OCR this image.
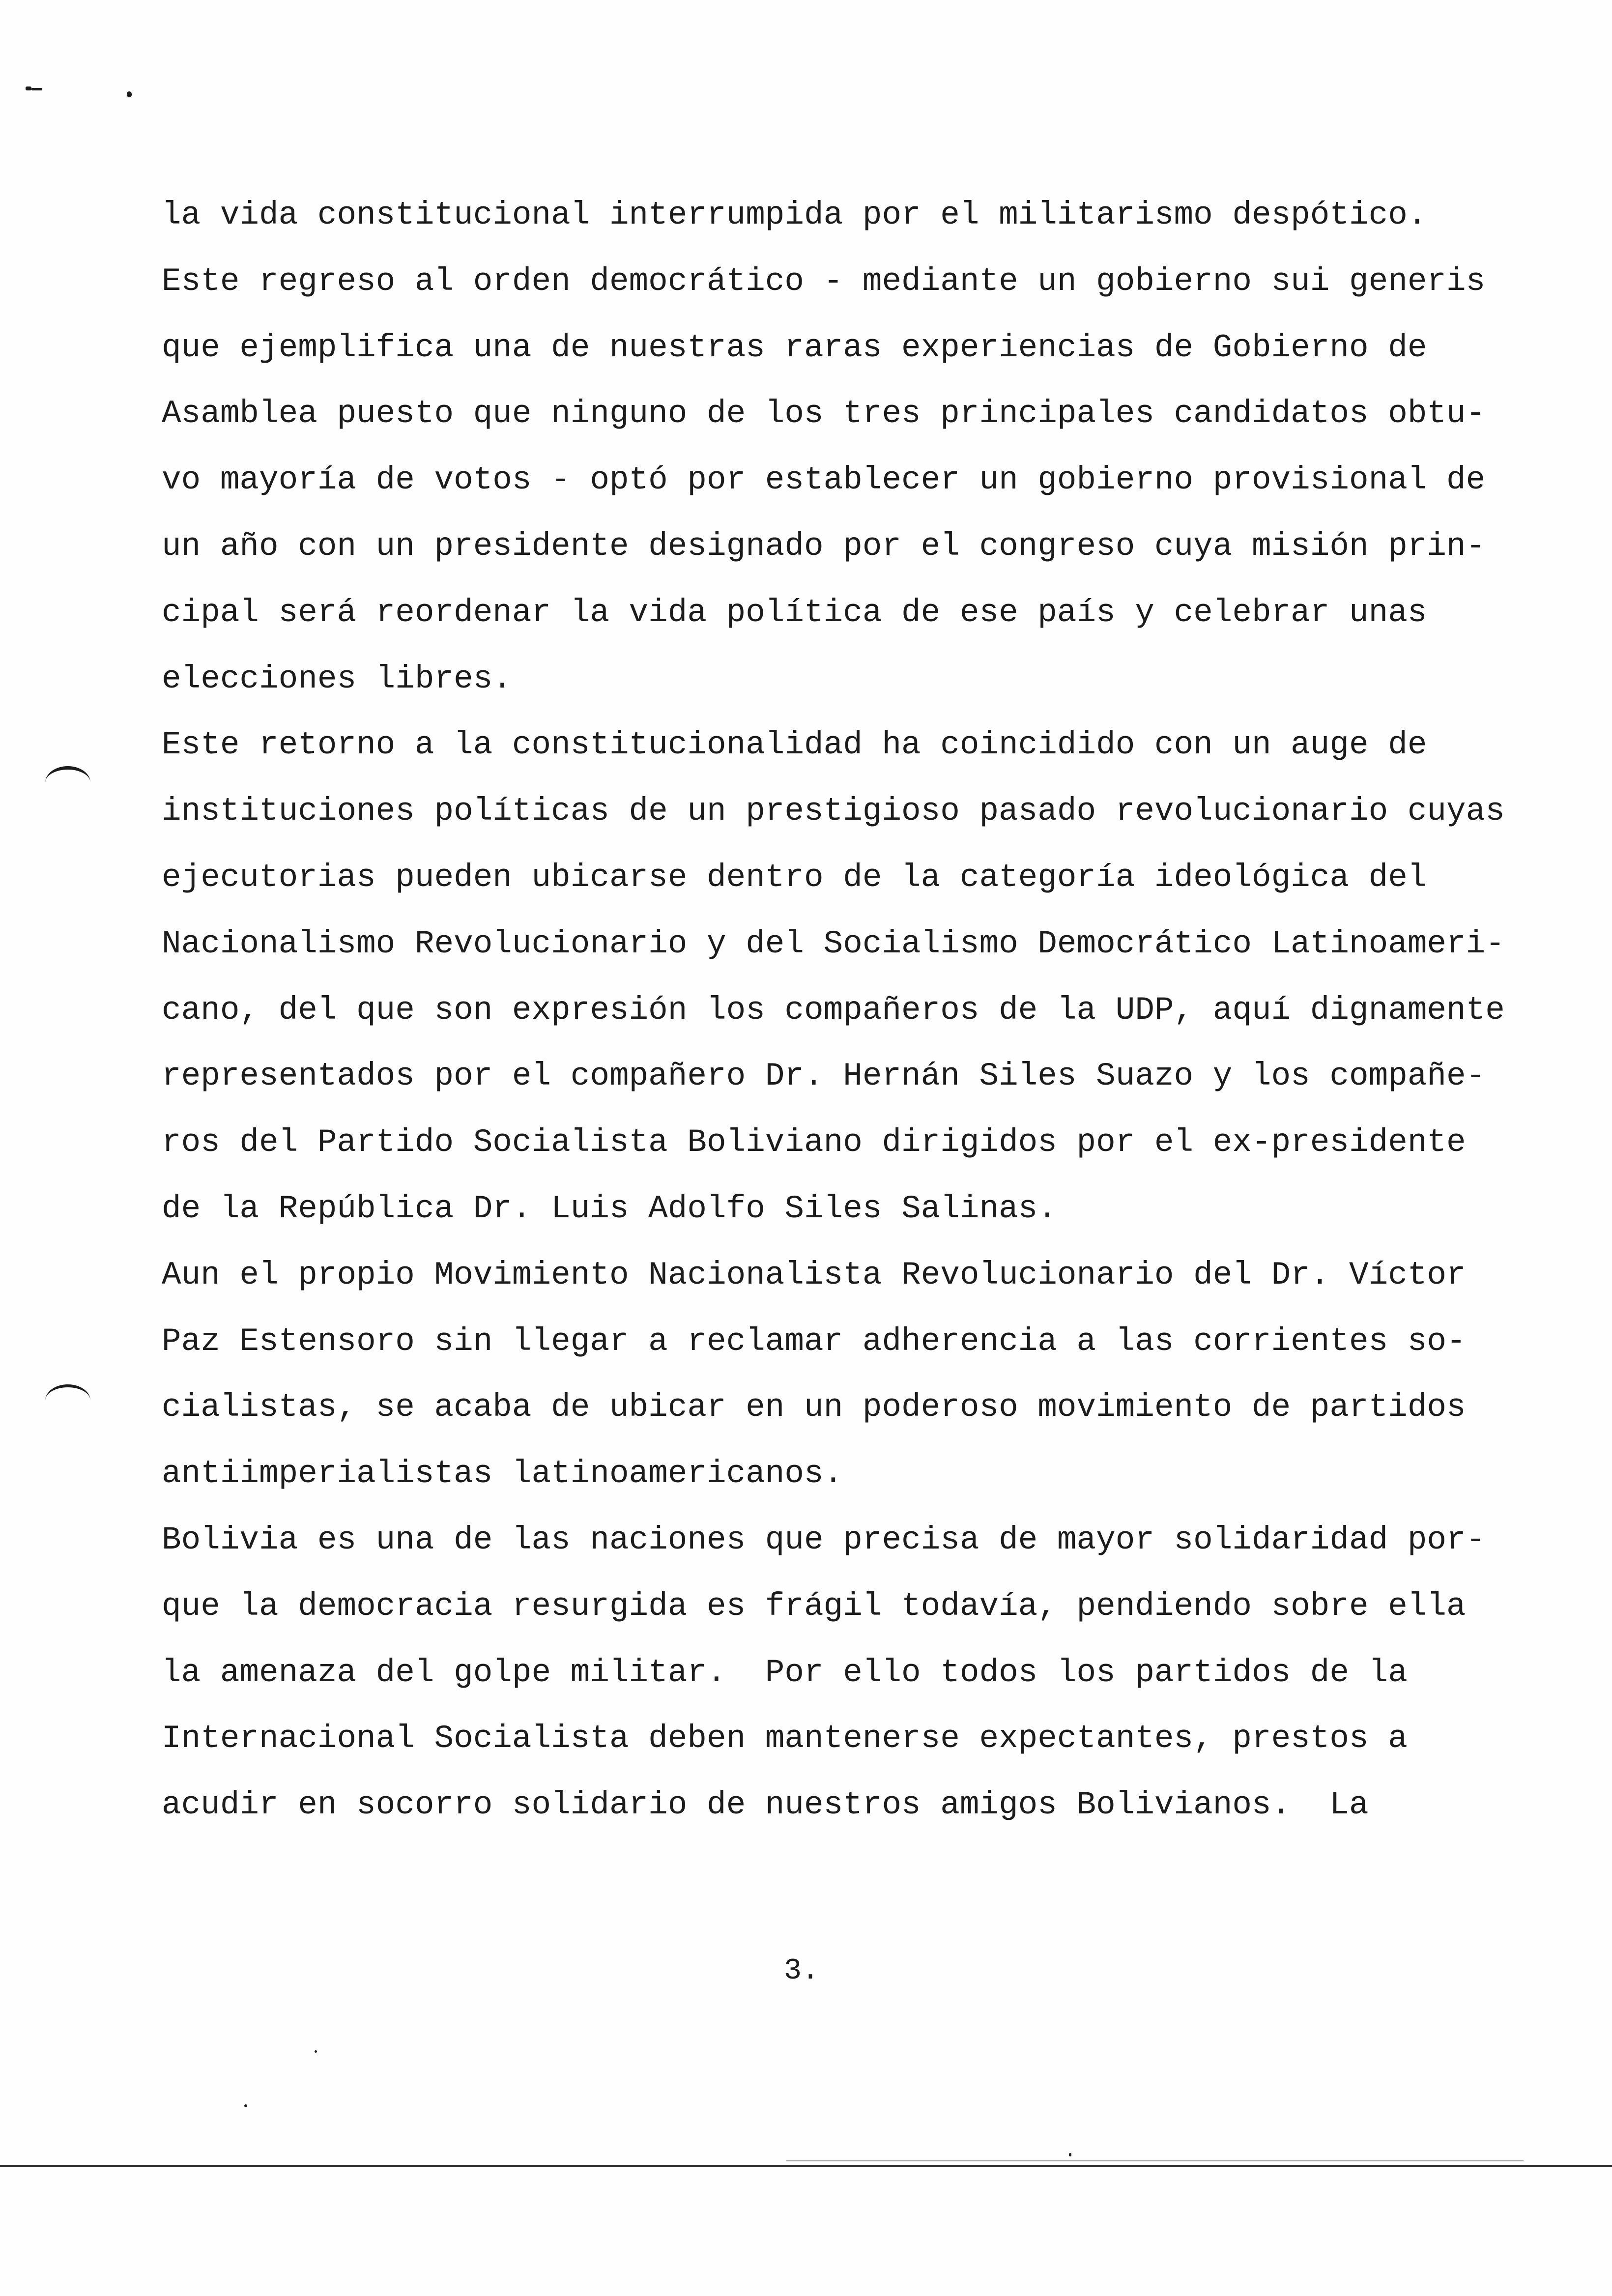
la vida constitucional interrumpida por el militarismo despótico.

Este regreso al orden democrático - mediante un gobierno sui generis

que ejemplifica una de nuestras raras experiencias de Gobierno de

Asamblea puesto que ninguno de los tres principales candidatos obtu-

vo mayoría de votos - optó por establecer un gobierno provisional de

un año con un presidente designado por el congreso cuya misión prin-

cipal será reordenar la vida política de ese país y celebrar unas

elecciones libres.

Este retorno a la constitucionalidad ha coincidido con un auge de

instituciones políticas de un prestigioso pasado revolucionario cuyas

ejecutorias pueden ubicarse dentro de la categoría ideológica del

Nacionalismo Revolucionario y del Socialismo Democrático Latinoameri-

cano, del que son expresión los compañeros de la UDP, aquí dignamente

representados por el compañero Dr. Hernán Siles Suazo y los compañe-

ros del Partido Socialista Boliviano dirigidos por el ex-presidente

de la República Dr. Luis Adolfo Siles Salinas.

Aun el propio Movimiento Nacionalista Revolucionario del Dr. Víctor

Paz Estensoro sin llegar a reclamar adherencia a las corrientes so-

cialistas, se acaba de ubicar en un poderoso movimiento de partidos

antiimperialistas latinoamericanos.

Bolivia es una de las naciones que precisa de mayor solidaridad por-

que la democracia resurgida es frágil todavía, pendiendo sobre ella

la amenaza del golpe militar.  Por ello todos los partidos de la

Internacional Socialista deben mantenerse expectantes, prestos a

acudir en socorro solidario de nuestros amigos Bolivianos.  La

3.
